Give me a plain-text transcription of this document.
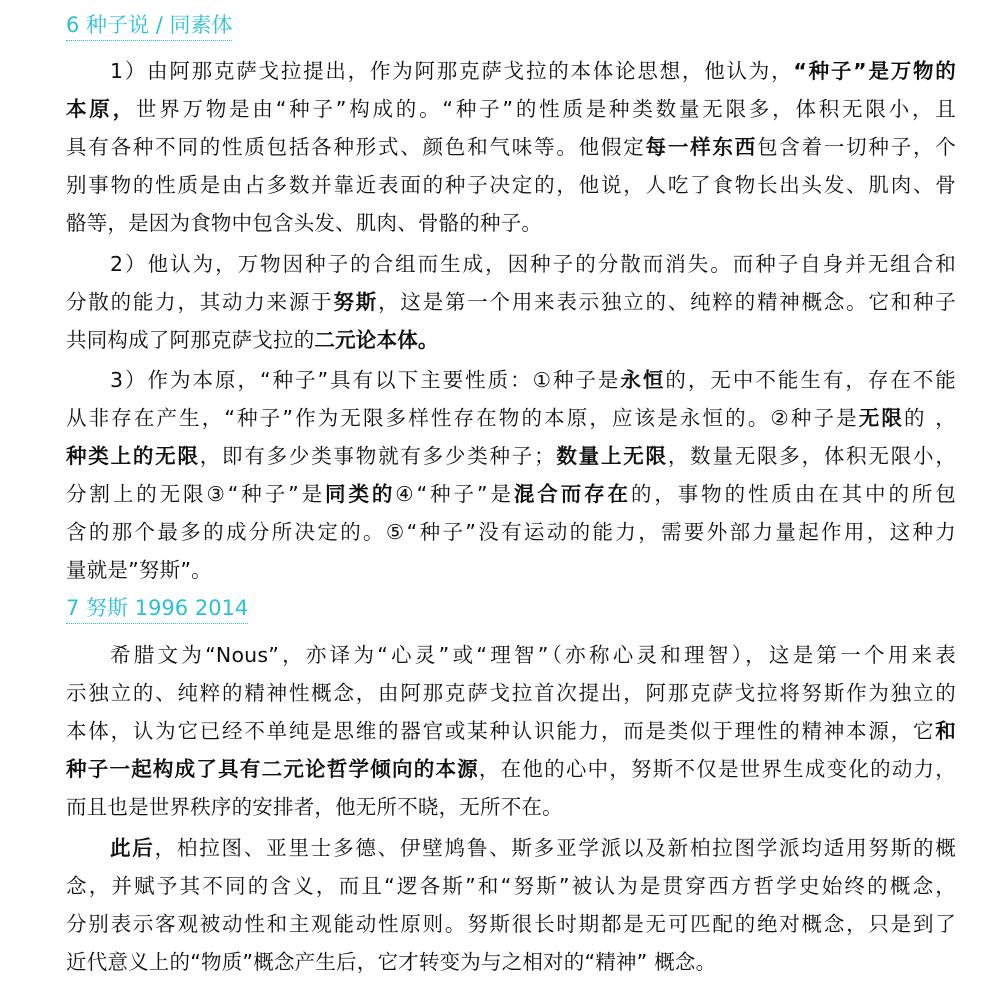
6 种子说 / 同素体
1）由阿那克萨戈拉提出，作为阿那克萨戈拉的本体论思想，他认为，“种子”是万物的
本原，世界万物是由“种子”构成的。“种子”的性质是种类数量无限多，体积无限小，且
具有各种不同的性质包括各种形式、颜色和气味等。他假定每一样东西包含着一切种子，个
别事物的性质是由占多数并靠近表面的种子决定的，他说，人吃了食物长出头发、肌肉、骨
骼等，是因为食物中包含头发、肌肉、骨骼的种子。
2）他认为，万物因种子的合组而生成，因种子的分散而消失。而种子自身并无组合和
分散的能力，其动力来源于努斯，这是第一个用来表示独立的、纯粹的精神概念。它和种子
共同构成了阿那克萨戈拉的二元论本体。
3）作为本原，“种子”具有以下主要性质：①种子是永恒的，无中不能生有，存在不能
从非存在产生，“种子”作为无限多样性存在物的本原，应该是永恒的。②种子是无限的 ，
种类上的无限，即有多少类事物就有多少类种子；数量上无限，数量无限多，体积无限小，
分割上的无限③“种子”是同类的④“种子”是混合而存在的，事物的性质由在其中的所包
含的那个最多的成分所决定的。⑤“种子”没有运动的能力，需要外部力量起作用，这种力
量就是”努斯”。
7 努斯 1996 2014
希腊文为“Nous”，亦译为“心灵”或“理智”（亦称心灵和理智），这是第一个用来表
示独立的、纯粹的精神性概念，由阿那克萨戈拉首次提出，阿那克萨戈拉将努斯作为独立的
本体，认为它已经不单纯是思维的器官或某种认识能力，而是类似于理性的精神本源，它和
种子一起构成了具有二元论哲学倾向的本源，在他的心中，努斯不仅是世界生成变化的动力，
而且也是世界秩序的安排者，他无所不晓，无所不在。
此后，柏拉图、亚里士多德、伊壁鸠鲁、斯多亚学派以及新柏拉图学派均适用努斯的概
念，并赋予其不同的含义，而且“逻各斯”和“努斯”被认为是贯穿西方哲学史始终的概念，
分别表示客观被动性和主观能动性原则。努斯很长时期都是无可匹配的绝对概念，只是到了
近代意义上的“物质”概念产生后，它才转变为与之相对的“精神” 概念。
